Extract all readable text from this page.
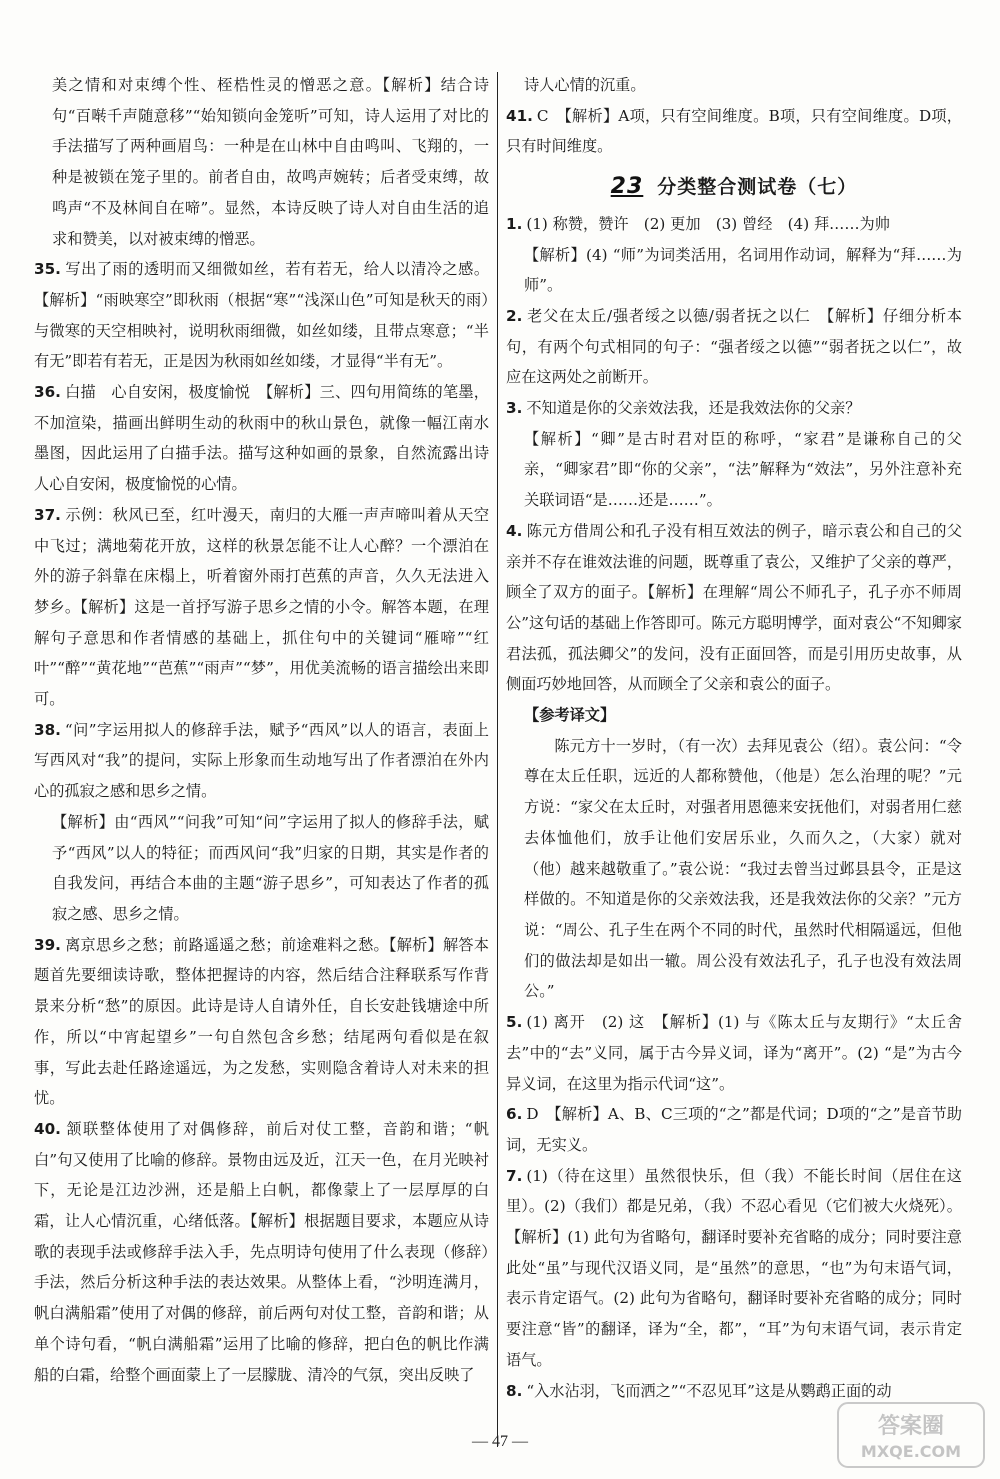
美之情和对束缚个性、桎梏性灵的憎恶之意。【解析】结合诗句“百啭千声随意移”“始知锁向金笼听”可知，诗人运用了对比的手法描写了两种画眉鸟：一种是在山林中自由鸣叫、飞翔的，一种是被锁在笼子里的。前者自由，故鸣声婉转；后者受束缚，故鸣声“不及林间自在啼”。显然，本诗反映了诗人对自由生活的追求和赞美，以对被束缚的憎恶。

35. 写出了雨的透明而又细微如丝，若有若无，给人以清冷之感。【解析】“雨映寒空”即秋雨（根据“寒”“浅深山色”可知是秋天的雨）与微寒的天空相映衬，说明秋雨细微，如丝如缕，且带点寒意；“半有无”即若有若无，正是因为秋雨如丝如缕，才显得“半有无”。

36. 白描　心自安闲，极度愉悦　【解析】三、四句用简练的笔墨，不加渲染，描画出鲜明生动的秋雨中的秋山景色，就像一幅江南水墨图，因此运用了白描手法。描写这种如画的景象，自然流露出诗人心自安闲，极度愉悦的心情。

37. 示例：秋风已至，红叶漫天，南归的大雁一声声啼叫着从天空中飞过；满地菊花开放，这样的秋景怎能不让人心醉？一个漂泊在外的游子斜靠在床榻上，听着窗外雨打芭蕉的声音，久久无法进入梦乡。【解析】这是一首抒写游子思乡之情的小令。解答本题，在理解句子意思和作者情感的基础上，抓住句中的关键词“雁啼”“红叶”“醉”“黄花地”“芭蕉”“雨声”“梦”，用优美流畅的语言描绘出来即可。

38. “问”字运用拟人的修辞手法，赋予“西风”以人的语言，表面上写西风对“我”的提问，实际上形象而生动地写出了作者漂泊在外内心的孤寂之感和思乡之情。

【解析】由“西风”“问我”可知“问”字运用了拟人的修辞手法，赋予“西风”以人的特征；而西风问“我”归家的日期，其实是作者的自我发问，再结合本曲的主题“游子思乡”，可知表达了作者的孤寂之感、思乡之情。

39. 离京思乡之愁；前路遥遥之愁；前途难料之愁。【解析】解答本题首先要细读诗歌，整体把握诗的内容，然后结合注释联系写作背景来分析“愁”的原因。此诗是诗人自请外任，自长安赴钱塘途中所作，所以“中宵起望乡”一句自然包含乡愁；结尾两句看似是在叙事，写此去赴任路途遥远，为之发愁，实则隐含着诗人对未来的担忧。

40. 颔联整体使用了对偶修辞，前后对仗工整，音韵和谐；“帆白”句又使用了比喻的修辞。景物由远及近，江天一色，在月光映衬下，无论是江边沙洲，还是船上白帆，都像蒙上了一层厚厚的白霜，让人心情沉重，心绪低落。【解析】根据题目要求，本题应从诗歌的表现手法或修辞手法入手，先点明诗句使用了什么表现（修辞）手法，然后分析这种手法的表达效果。从整体上看，“沙明连满月，帆白满船霜”使用了对偶的修辞，前后两句对仗工整，音韵和谐；从单个诗句看，“帆白满船霜”运用了比喻的修辞，把白色的帆比作满船的白霜，给整个画面蒙上了一层朦胧、清冷的气氛，突出反映了

诗人心情的沉重。

41. C　【解析】A项，只有空间维度。B项，只有空间维度。D项，只有时间维度。

23 分类整合测试卷（七）

1. (1) 称赞，赞许　(2) 更加　(3) 曾经　(4) 拜……为帅

【解析】(4) “师”为词类活用，名词用作动词，解释为“拜……为师”。

2. 老父在太丘/强者绥之以德/弱者抚之以仁　【解析】仔细分析本句，有两个句式相同的句子：“强者绥之以德”“弱者抚之以仁”，故应在这两处之前断开。

3. 不知道是你的父亲效法我，还是我效法你的父亲？

【解析】“卿”是古时君对臣的称呼，“家君”是谦称自己的父亲，“卿家君”即“你的父亲”，“法”解释为“效法”，另外注意补充关联词语“是……还是……”。

4. 陈元方借周公和孔子没有相互效法的例子，暗示袁公和自己的父亲并不存在谁效法谁的问题，既尊重了袁公，又维护了父亲的尊严，顾全了双方的面子。【解析】在理解“周公不师孔子，孔子亦不师周公”这句话的基础上作答即可。陈元方聪明博学，面对袁公“不知卿家君法孤，孤法卿父”的发问，没有正面回答，而是引用历史故事，从侧面巧妙地回答，从而顾全了父亲和袁公的面子。

【参考译文】

陈元方十一岁时，（有一次）去拜见袁公（绍）。袁公问：“令尊在太丘任职，远近的人都称赞他，（他是）怎么治理的呢？”元方说：“家父在太丘时，对强者用恩德来安抚他们，对弱者用仁慈去体恤他们，放手让他们安居乐业，久而久之，（大家）就对（他）越来越敬重了。”袁公说：“我过去曾当过邺县县令，正是这样做的。不知道是你的父亲效法我，还是我效法你的父亲？”元方说：“周公、孔子生在两个不同的时代，虽然时代相隔遥远，但他们的做法却是如出一辙。周公没有效法孔子，孔子也没有效法周公。”

5. (1) 离开　(2) 这　【解析】(1) 与《陈太丘与友期行》“太丘舍去”中的“去”义同，属于古今异义词，译为“离开”。(2) “是”为古今异义词，在这里为指示代词“这”。

6. D　【解析】A、B、C三项的“之”都是代词；D项的“之”是音节助词，无实义。

7. (1)（待在这里）虽然很快乐，但（我）不能长时间（居住在这里）。(2)（我们）都是兄弟，（我）不忍心看见（它们被大火烧死）。【解析】(1) 此句为省略句，翻译时要补充省略的成分；同时要注意此处“虽”与现代汉语义同，是“虽然”的意思，“也”为句末语气词，表示肯定语气。(2) 此句为省略句，翻译时要补充省略的成分；同时要注意“皆”的翻译，译为“全，都”，“耳”为句末语气词，表示肯定语气。

8. “入水沾羽，飞而洒之”“不忍见耳”这是从鹦鹉正面的动

— 47 —
答案圈
MXQE.COM
